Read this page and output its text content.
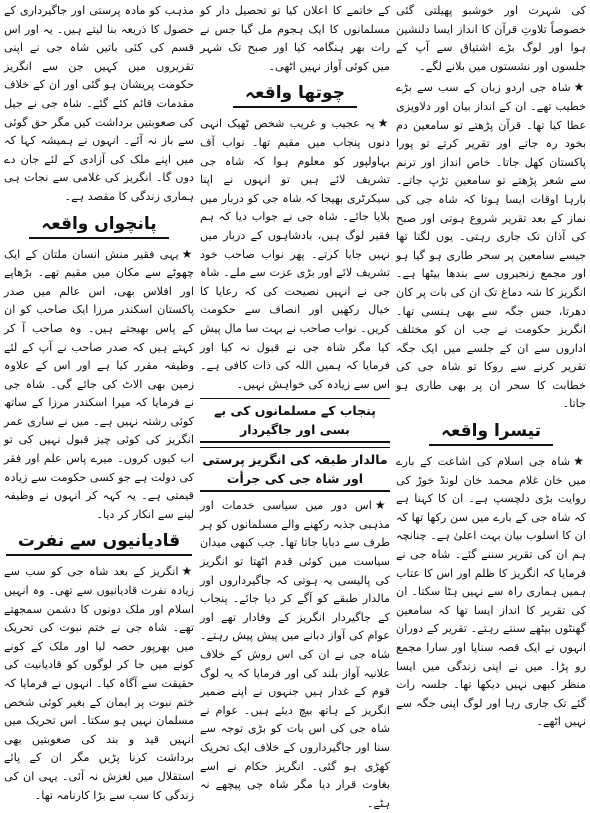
کی شہرت اور خوشبو پھیلتی گئی خصوصاً تلاوتِ قرآن کا انداز ایسا دلنشین ہوا اور لوگ بڑے اشتیاق سے آپ کے جلسوں اور نشستوں میں بلانے لگے۔

★شاہ جی اردو زبان کے سب سے بڑے خطیب تھے۔ ان کے انداز بیان اور دلاویزی عطا کیا تھا۔ قرآن پڑھتے تو سامعین دم بخود رہ جاتے اور تقریر کرتے تو پورا پاکستان کھل جاتا۔ خاص انداز اور ترنم سے شعر پڑھتے تو سامعین تڑپ جاتے۔ بارہا اوقات ایسا ہوتا کہ شاہ جی کی نماز کے بعد تقریر شروع ہوتی اور صبح کی آذان تک جاری رہتی۔ یوں لگتا تھا جیسے سامعین پر سحر طاری ہو گیا ہو اور مجمع زنجیروں سے بندھا بیٹھا ہے۔ انگریز کا شہ دماغ تک ان کی بات پر کان دھرتا، جس جگہ سے بھی ہنسی تھا۔ انگریز حکومت نے جب ان کو مختلف اداروں سے ان کے جلسے میں ایک جگہ تقریر کرنے سے روکا تو شاہ جی کی خطابت کا سحر ان پر بھی طاری ہو جاتا۔

تیسرا واقعہ

★شاہ جی اسلام کی اشاعت کے بارے میں خان غلام محمد خان لونڈ خوڑ کی روایت بڑی دلچسپ ہے۔ ان کا کہنا ہے کہ شاہ جی کے بارے میں سن رکھا تھا کہ ان کا اسلوب بیان بہت اعلیٰ ہے۔ چنانچہ ہم ان کی تقریر سننے گئے۔ شاہ جی نے فرمایا کہ انگریز کا ظلم اور اس کا عتاب ہمیں ہماری راہ سے نہیں ہٹا سکتا۔ ان کی تقریر کا انداز ایسا تھا کہ سامعین گھنٹوں بیٹھے سنتے رہتے۔ تقریر کے دوران انہوں نے ایک قصہ سنایا اور سارا مجمع رو پڑا۔ میں نے اپنی زندگی میں ایسا منظر کبھی نہیں دیکھا تھا۔ جلسہ رات گئے تک جاری رہا اور لوگ اپنی جگہ سے نہیں اٹھے۔

کے خاتمے کا اعلان کیا تو تحصیل دار کو مسلمانوں کا ایک ہجوم مل گیا جس نے رات بھر ہنگامہ کیا اور صبح تک شہر میں کوئی آواز نہیں اٹھی۔

چوتھا واقعہ

★یہ عجیب و غریب شخص ٹھیک انہی دنوں پنجاب میں مقیم تھا۔ نواب آف بہاولپور کو معلوم ہوا کہ شاہ جی تشریف لائے ہیں تو انہوں نے اپنا سیکرٹری بھیجا کہ شاہ جی کو دربار میں بلایا جائے۔ شاہ جی نے جواب دیا کہ ہم فقیر لوگ ہیں، بادشاہوں کے دربار میں نہیں جایا کرتے۔ پھر نواب صاحب خود تشریف لائے اور بڑی عزت سے ملے۔ شاہ جی نے انہیں نصیحت کی کہ رعایا کا خیال رکھیں اور انصاف سے حکومت کریں۔ نواب صاحب نے بہت سا مال پیش کیا مگر شاہ جی نے قبول نہ کیا اور فرمایا کہ ہمیں اللہ کی ذات کافی ہے۔ اس سے زیادہ کی خواہش نہیں۔

پنجاب کے مسلمانوں کی بے بسی اور جاگیردار
مالدار طبقہ کی انگریز پرستی اور شاہ جی کی جرأت

★اس دور میں سیاسی خدمات اور مذہبی جذبہ رکھنے والے مسلمانوں کو ہر طرف سے دبایا جاتا تھا۔ جب کبھی میدان سیاست میں کوئی قدم اٹھتا تو انگریز کی پالیسی یہ ہوتی کہ جاگیرداروں اور مالدار طبقے کو آگے کر دیا جائے۔ پنجاب کے جاگیردار انگریز کے وفادار تھے اور عوام کی آواز دبانے میں پیش پیش رہتے۔ شاہ جی نے ان کی اس روش کے خلاف علانیہ آواز بلند کی اور فرمایا کہ یہ لوگ قوم کے غدار ہیں جنہوں نے اپنے ضمیر انگریز کے ہاتھ بیچ دیئے ہیں۔ عوام نے شاہ جی کی اس بات کو بڑی توجہ سے سنا اور جاگیرداروں کے خلاف ایک تحریک کھڑی ہو گئی۔ انگریز حکام نے اسے بغاوت قرار دیا مگر شاہ جی پیچھے نہ ہٹے۔

مذہب کو مادہ پرستی اور جاگیرداری کے حصول کا ذریعہ بنا لیتے ہیں۔ یہ اور اس قسم کی کئی باتیں شاہ جی نے اپنی تقریروں میں کہیں جن سے انگریز حکومت پریشان ہو گئی اور ان کے خلاف مقدمات قائم کئے گئے۔ شاہ جی نے جیل کی صعوبتیں برداشت کیں مگر حق گوئی سے باز نہ آئے۔ انہوں نے ہمیشہ کہا کہ میں اپنے ملک کی آزادی کے لئے جان دے دوں گا۔ انگریز کی غلامی سے نجات ہی ہماری زندگی کا مقصد ہے۔

پانچواں واقعہ

★یہی فقیر منش انسان ملتان کے ایک چھوٹے سے مکان میں مقیم تھے۔ بڑھاپے اور افلاس بھی، اس عالم میں صدر پاکستان اسکندر مرزا ایک صاحب کو ان کے پاس بھیجتے ہیں۔ وہ صاحب آ کر کہتے ہیں کہ صدر صاحب نے آپ کے لئے وظیفہ مقرر کیا ہے اور اس کے علاوہ زمین بھی الاٹ کی جائے گی۔ شاہ جی نے فرمایا کہ میرا اسکندر مرزا کے ساتھ کوئی رشتہ نہیں ہے۔ میں نے ساری عمر انگریز کی کوئی چیز قبول نہیں کی تو اب کیوں کروں۔ میرے پاس علم اور فقر کی دولت ہے جو کسی حکومت سے زیادہ قیمتی ہے۔ یہ کہہ کر انہوں نے وظیفہ لینے سے انکار کر دیا۔

قادیانیوں سے نفرت

★انگریز کے بعد شاہ جی کو سب سے زیادہ نفرت قادیانیوں سے تھی۔ وہ انہیں اسلام اور ملک دونوں کا دشمن سمجھتے تھے۔ شاہ جی نے ختم نبوت کی تحریک میں بھرپور حصہ لیا اور ملک کے کونے کونے میں جا کر لوگوں کو قادیانیت کی حقیقت سے آگاہ کیا۔ انہوں نے فرمایا کہ ختم نبوت پر ایمان کے بغیر کوئی شخص مسلمان نہیں ہو سکتا۔ اس تحریک میں انہیں قید و بند کی صعوبتیں بھی برداشت کرنا پڑیں مگر ان کے پائے استقلال میں لغزش نہ آئی۔ یہی ان کی زندگی کا سب سے بڑا کارنامہ تھا۔
